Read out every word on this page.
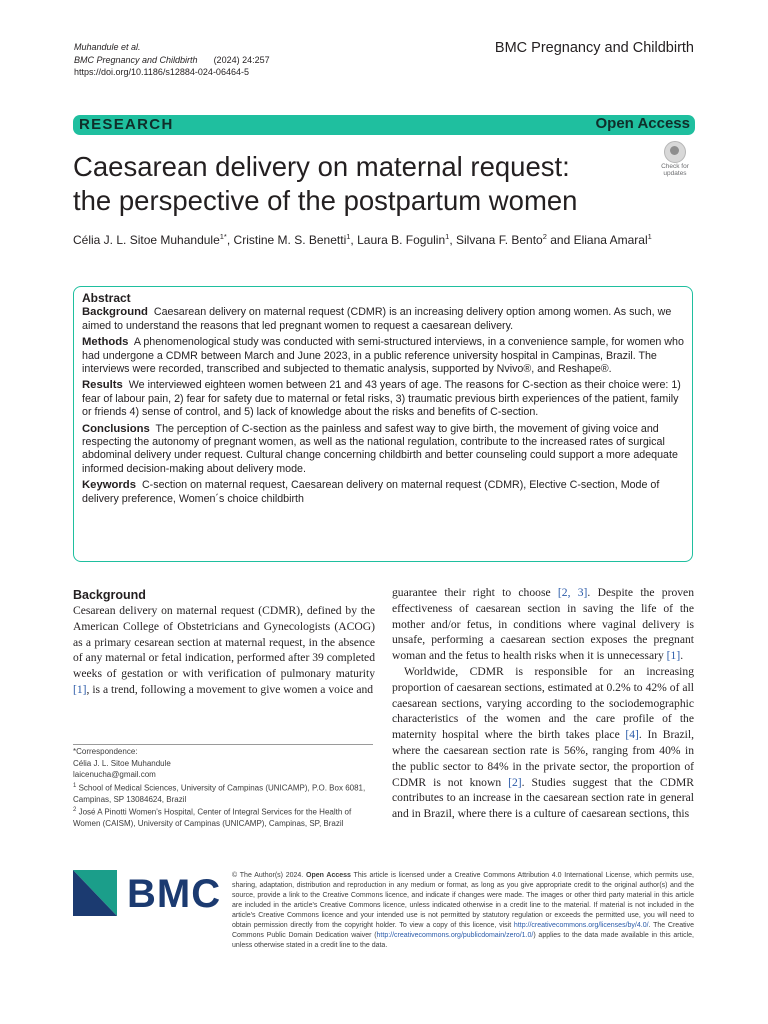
Muhandule et al.
BMC Pregnancy and Childbirth (2024) 24:257
https://doi.org/10.1186/s12884-024-06464-5
BMC Pregnancy and Childbirth
RESEARCH	Open Access
Caesarean delivery on maternal request:
the perspective of the postpartum women
Check for
updates
Célia J. L. Sitoe Muhandule$^{1*}$, Cristine M. S. Benetti$^1$, Laura B. Fogulin$^1$, Silvana F. Bento$^2$ and Eliana Amaral$^1$
Abstract

Background Caesarean delivery on maternal request (CDMR) is an increasing delivery option among women. As such, we aimed to understand the reasons that led pregnant women to request a caesarean delivery.

Methods A phenomenological study was conducted with semi-structured interviews, in a convenience sample, for women who had undergone a CDMR between March and June 2023, in a public reference university hospital in Campinas, Brazil. The interviews were recorded, transcribed and subjected to thematic analysis, supported by Nvivo®, and Reshape®.

Results We interviewed eighteen women between 21 and 43 years of age. The reasons for C-section as their choice were: 1) fear of labour pain, 2) fear for safety due to maternal or fetal risks, 3) traumatic previous birth experiences of the patient, family or friends 4) sense of control, and 5) lack of knowledge about the risks and benefits of C-section.

Conclusions The perception of C-section as the painless and safest way to give birth, the movement of giving voice and respecting the autonomy of pregnant women, as well as the national regulation, contribute to the increased rates of surgical abdominal delivery under request. Cultural change concerning childbirth and better counseling could support a more adequate informed decision-making about delivery mode.

Keywords C-section on maternal request, Caesarean delivery on maternal request (CDMR), Elective C-section, Mode of delivery preference, Women´s choice childbirth

Background

Cesarean delivery on maternal request (CDMR), defined by the American College of Obstetricians and Gynecologists (ACOG) as a primary cesarean section at maternal request, in the absence of any maternal or fetal indication, performed after 39 completed weeks of gestation or with verification of pulmonary maturity [1], is a trend, following a movement to give women a voice and

guarantee their right to choose [2, 3]. Despite the proven effectiveness of caesarean section in saving the life of the mother and/or fetus, in conditions where vaginal delivery is unsafe, performing a caesarean section exposes the pregnant woman and the fetus to health risks when it is unnecessary [1].

Worldwide, CDMR is responsible for an increasing proportion of caesarean sections, estimated at 0.2% to 42% of all caesarean sections, varying according to the sociodemographic characteristics of the women and the care profile of the maternity hospital where the birth takes place [4]. In Brazil, where the caesarean section rate is 56%, ranging from 40% in the public sector to 84% in the private sector, the proportion of CDMR is not known [2]. Studies suggest that the CDMR contributes to an increase in the caesarean section rate in general and in Brazil, where there is a culture of caesarean sections, this

*Correspondence:
Célia J. L. Sitoe Muhandule
laicenucha@gmail.com
$^1$ School of Medical Sciences, University of Campinas (UNICAMP), P.O. Box 6081, Campinas, SP 13084624, Brazil
$^2$ José A Pinotti Women's Hospital, Center of Integral Services for the Health of Women (CAISM), University of Campinas (UNICAMP), Campinas, SP, Brazil
BMC © The Author(s) 2024. Open Access This article is licensed under a Creative Commons Attribution 4.0 International License, which permits use, sharing, adaptation, distribution and reproduction in any medium or format, as long as you give appropriate credit to the original author(s) and the source, provide a link to the Creative Commons licence, and indicate if changes were made. The images or other third party material in this article are included in the article's Creative Commons licence, unless indicated otherwise in a credit line to the material. If material is not included in the article's Creative Commons licence and your intended use is not permitted by statutory regulation or exceeds the permitted use, you will need to obtain permission directly from the copyright holder. To view a copy of this licence, visit http://creativecommons.org/licenses/by/4.0/. The Creative Commons Public Domain Dedication waiver (http://creativecommons.org/publicdomain/zero/1.0/) applies to the data made available in this article, unless otherwise stated in a credit line to the data.
